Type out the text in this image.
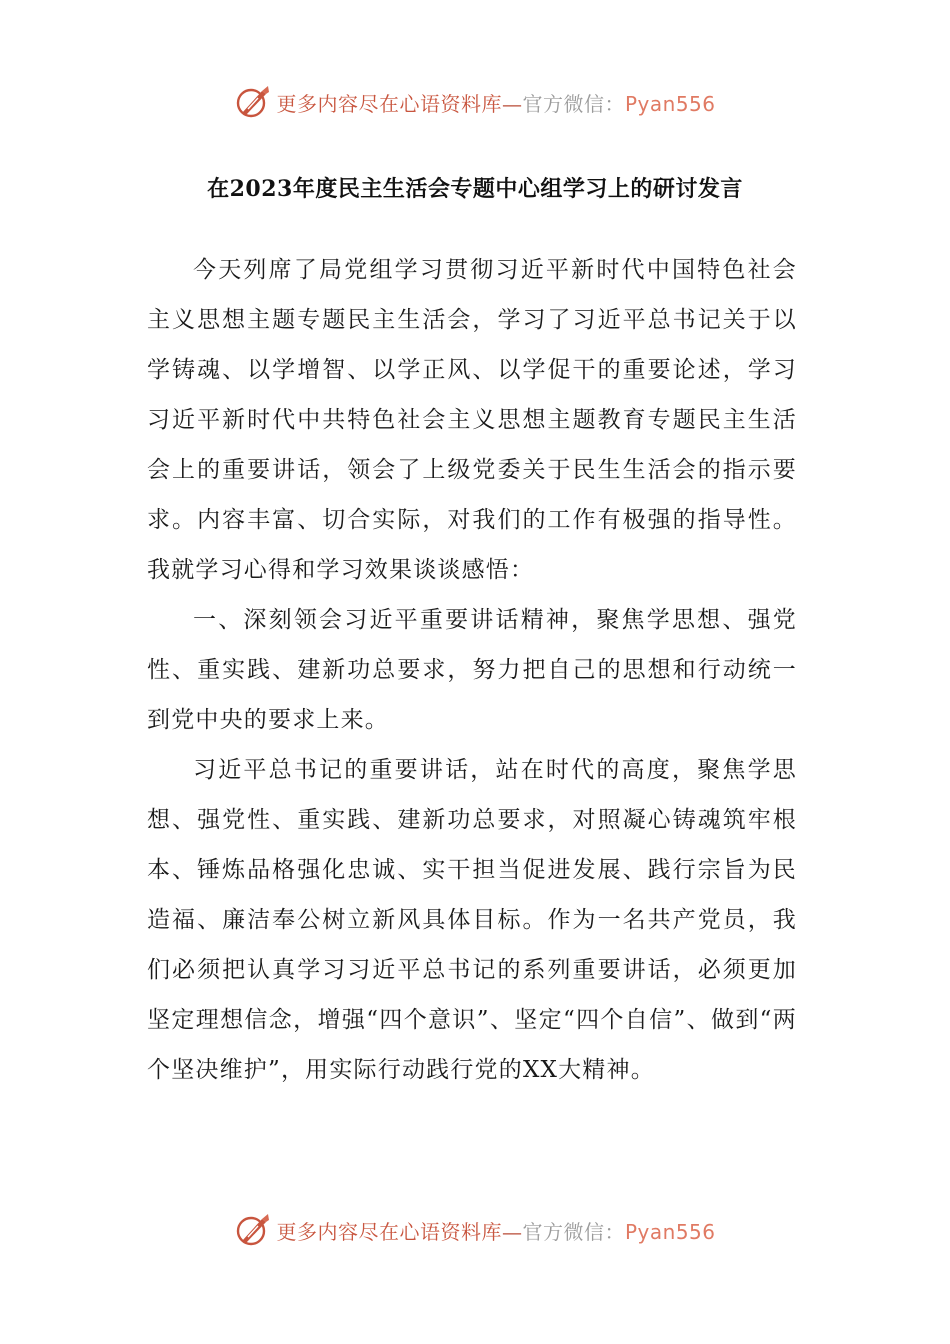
更多内容尽在心语资料库—官方微信：Pyan556
在2023年度民主生活会专题中心组学习上的研讨发言

今天列席了局党组学习贯彻习近平新时代中国特色社会主义思想主题专题民主生活会，学习了习近平总书记关于以学铸魂、以学增智、以学正风、以学促干的重要论述，学习习近平新时代中共特色社会主义思想主题教育专题民主生活会上的重要讲话，领会了上级党委关于民生生活会的指示要求。内容丰富、切合实际，对我们的工作有极强的指导性。我就学习心得和学习效果谈谈感悟：

一、深刻领会习近平重要讲话精神，聚焦学思想、强党性、重实践、建新功总要求，努力把自己的思想和行动统一到党中央的要求上来。

习近平总书记的重要讲话，站在时代的高度，聚焦学思想、强党性、重实践、建新功总要求，对照凝心铸魂筑牢根本、锤炼品格强化忠诚、实干担当促进发展、践行宗旨为民造福、廉洁奉公树立新风具体目标。作为一名共产党员，我们必须把认真学习习近平总书记的系列重要讲话，必须更加坚定理想信念，增强“四个意识”、坚定“四个自信”、做到“两个坚决维护”，用实际行动践行党的XX大精神。

更多内容尽在心语资料库—官方微信：Pyan556
